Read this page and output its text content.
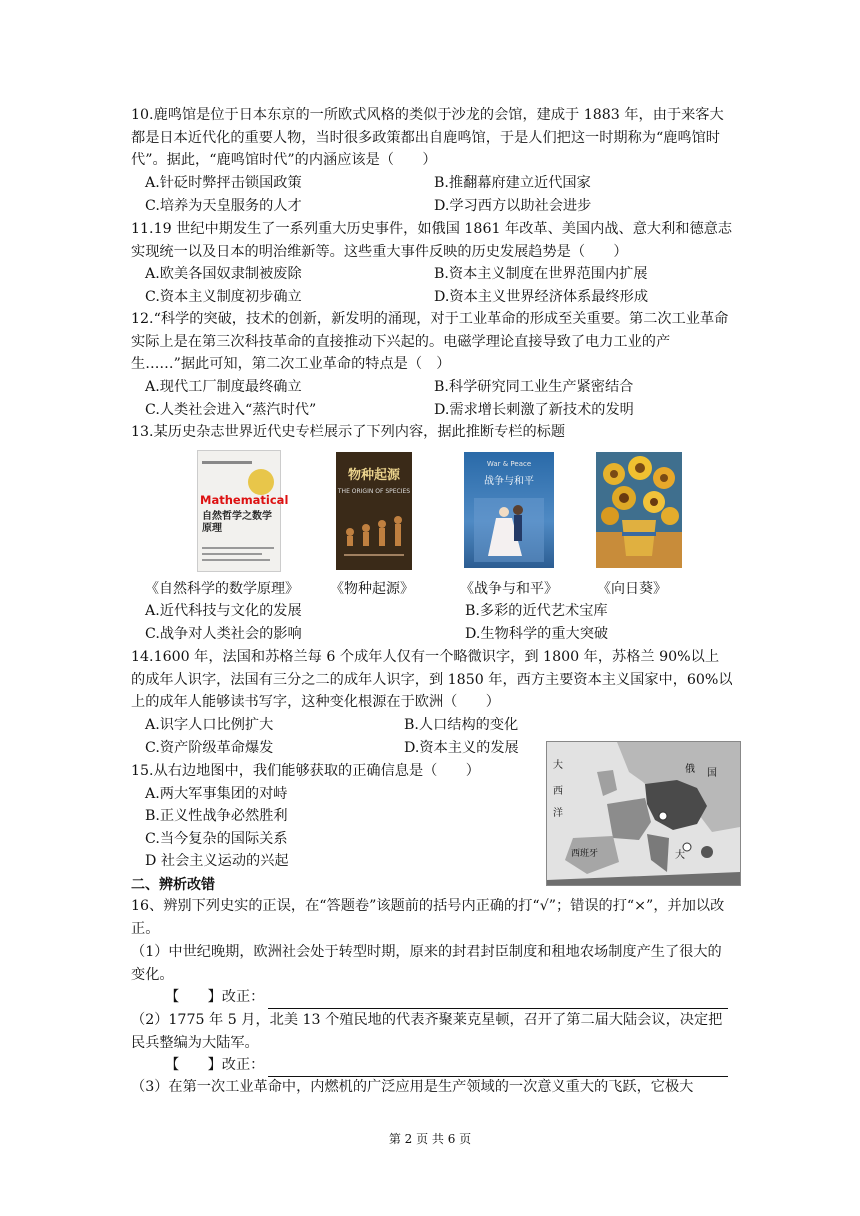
10.鹿鸣馆是位于日本东京的一所欧式风格的类似于沙龙的会馆，建成于 1883 年，由于来客大都是日本近代化的重要人物，当时很多政策都出自鹿鸣馆，于是人们把这一时期称为“鹿鸣馆时代”。据此，“鹿鸣馆时代”的内涵应该是（　　）

A.针砭时弊抨击锁国政策	B.推翻幕府建立近代国家
C.培养为天皇服务的人才	D.学习西方以助社会进步

11.19 世纪中期发生了一系列重大历史事件，如俄国 1861 年改革、美国内战、意大利和德意志实现统一以及日本的明治维新等。这些重大事件反映的历史发展趋势是（　　）

A.欧美各国奴隶制被废除	B.资本主义制度在世界范围内扩展
C.资本主义制度初步确立	D.资本主义世界经济体系最终形成

12.“科学的突破，技术的创新，新发明的涌现，对于工业革命的形成至关重要。第二次工业革命实际上是在第三次科技革命的直接推动下兴起的。电磁学理论直接导致了电力工业的产生……”据此可知，第二次工业革命的特点是（　）

A.现代工厂制度最终确立	B.科学研究同工业生产紧密结合
C.人类社会进入“蒸汽时代”	D.需求增长刺激了新技术的发明

13.某历史杂志世界近代史专栏展示了下列内容，据此推断专栏的标题

Mathematical
自然哲学之数学原理
物种起源
THE ORIGIN OF SPECIES
War & Peace
战争与和平
《自然科学的数学原理》 《物种起源》	《战争与和平》	《向日葵》
A.近代科技与文化的发展	B.多彩的近代艺术宝库
C.战争对人类社会的影响	D.生物科学的重大突破

14.1600 年，法国和苏格兰每 6 个成年人仅有一个略微识字，到 1800 年，苏格兰 90%以上的成年人识字，法国有三分之二的成年人识字，到 1850 年，西方主要资本主义国家中，60%以上的成年人能够读书写字，这种变化根源在于欧洲（　　）

A.识字人口比例扩大	B.人口结构的变化
C.资产阶级革命爆发	D.资本主义的发展
15.从右边地图中，我们能够获取的正确信息是（　　）
A.两大军事集团的对峙
B.正义性战争必然胜利
C.当今复杂的国际关系
D 社会主义运动的兴起
大
西
洋
俄 国
西班牙	大
二、辨析改错

16、辨别下列史实的正误，在“答题卷”该题前的括号内正确的打“√”；错误的打“×”，并加以改正。

（1）中世纪晚期，欧洲社会处于转型时期，原来的封君封臣制度和租地农场制度产生了很大的变化。

【　　】改正：

（2）1775 年 5 月，北美 13 个殖民地的代表齐聚莱克星顿，召开了第二届大陆会议，决定把民兵整编为大陆军。

【　　】改正：

（3）在第一次工业革命中，内燃机的广泛应用是生产领域的一次意义重大的飞跃，它极大

第 2 页 共 6 页
